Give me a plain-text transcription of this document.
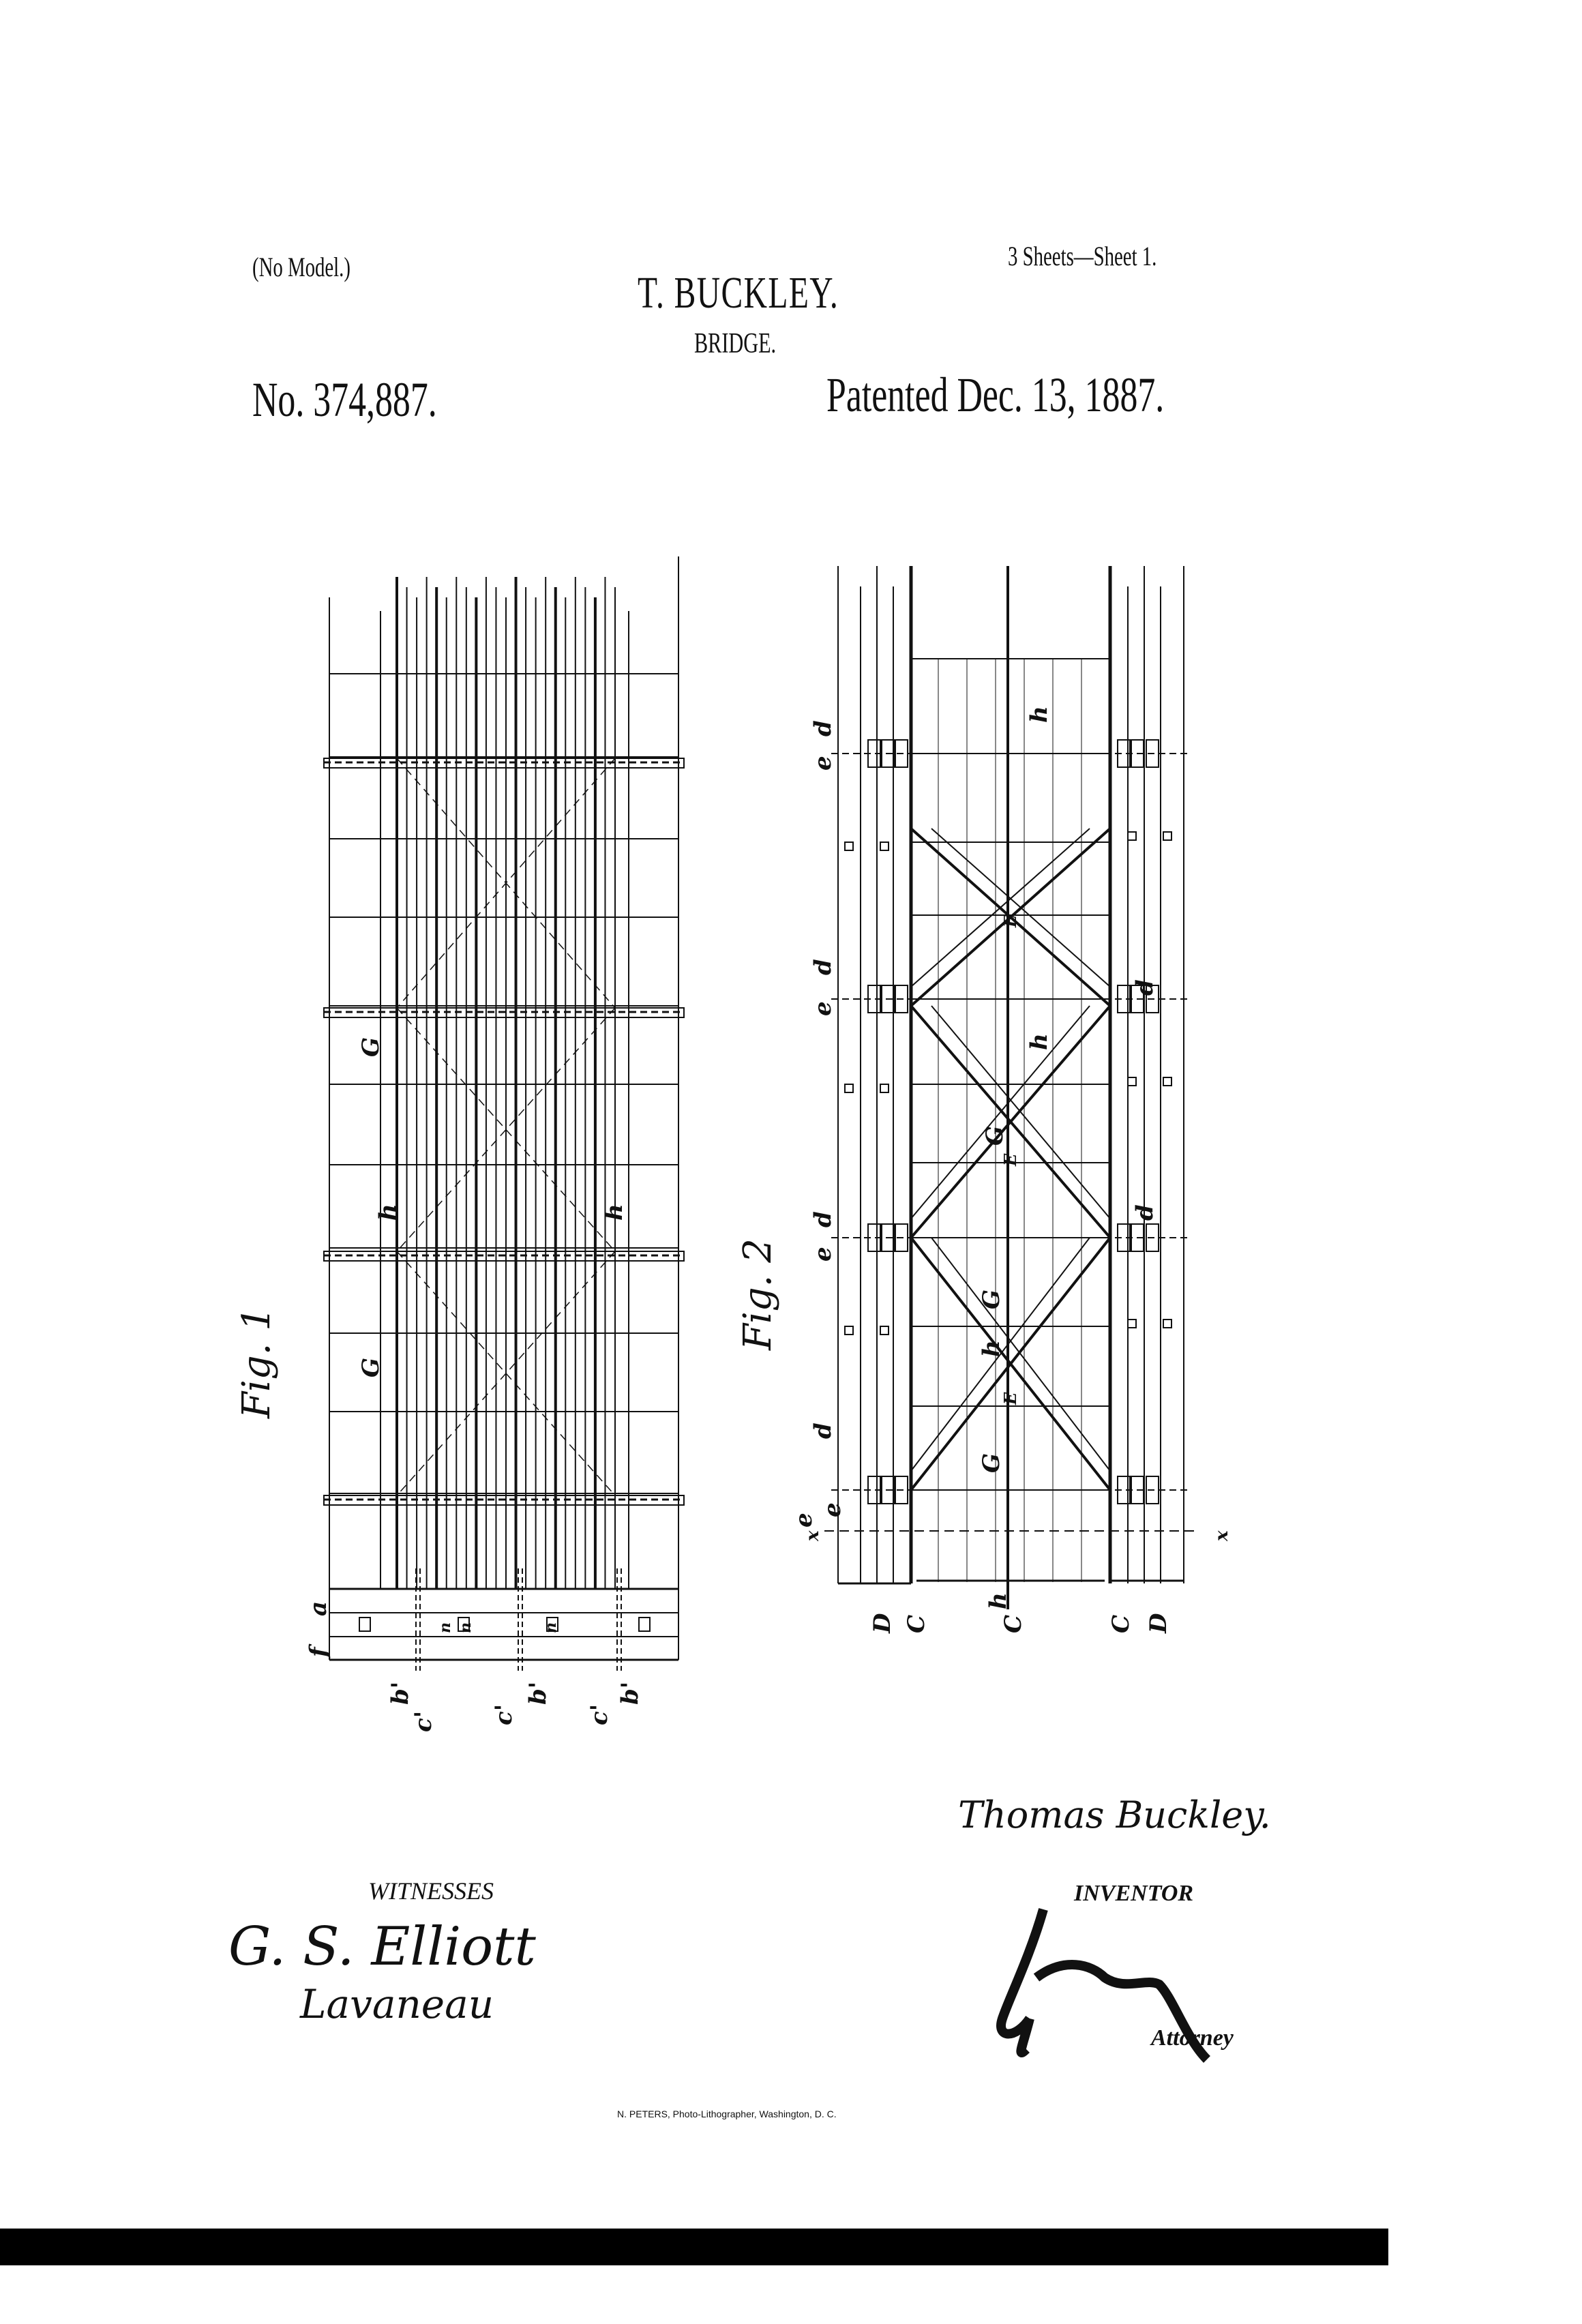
(No Model.)	3 Sheets—Sheet 1.
T. BUCKLEY.
BRIDGE.
No. 374,887.	Patented Dec. 13, 1887.
Fig. 1
Fig. 2
G
G
h	h
f
a
n n	n
b'
c' c'
b'
c'
b'
d
e
e
d
d
e
d
e
d
d
h
h
G
E
E
E
G
h
G
h
e
x	x
D C	C	C D
Thomas Buckley.
WITNESSES
G. S. Elliott
Lavaneau
INVENTOR
Attorney
N. PETERS, Photo-Lithographer, Washington, D. C.
